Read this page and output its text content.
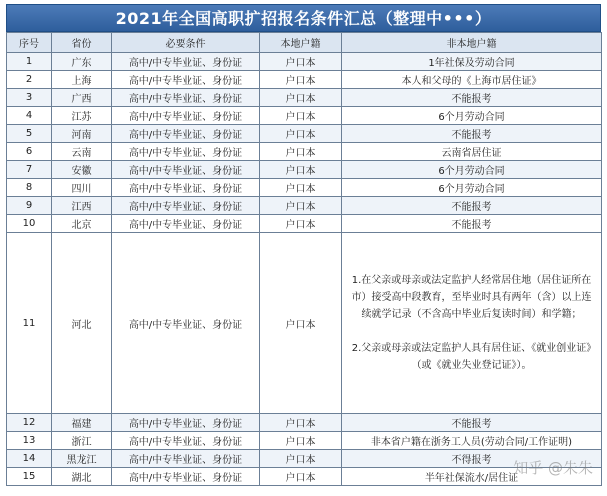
2021年全国高职扩招报名条件汇总（整理中•••）
序号	省份	必要条件	本地户籍	非本地户籍
1	广东	高中/中专毕业证、身份证	户口本	1年社保及劳动合同
2	上海	高中/中专毕业证、身份证	户口本	本人和父母的《上海市居住证》
3	广西	高中/中专毕业证、身份证	户口本	不能报考
4	江苏	高中/中专毕业证、身份证	户口本	6个月劳动合同
5	河南	高中/中专毕业证、身份证	户口本	不能报考
6	云南	高中/中专毕业证、身份证	户口本	云南省居住证
7	安徽	高中/中专毕业证、身份证	户口本	6个月劳动合同
8	四川	高中/中专毕业证、身份证	户口本	6个月劳动合同
9	江西	高中/中专毕业证、身份证	户口本	不能报考
10	北京	高中/中专毕业证、身份证	户口本	不能报考
11	河北	高中/中专毕业证、身份证	户口本	1.在父亲或母亲或法定监护人经常居住地（居住证所在市）接受高中段教育，至毕业时具有两年（含）以上连续就学记录（不含高中毕业后复读时间）和学籍；
2.父亲或母亲或法定监护人具有居住证、《就业创业证》（或《就业失业登记证》）。

12	福建	高中/中专毕业证、身份证	户口本	不能报考
13	浙江	高中/中专毕业证、身份证	户口本	非本省户籍在浙务工人员(劳动合同/工作证明)
14	黑龙江	高中/中专毕业证、身份证	户口本	不得报考
15	湖北	高中/中专毕业证、身份证	户口本	半年社保流水/居住证
知乎 @朱朱
